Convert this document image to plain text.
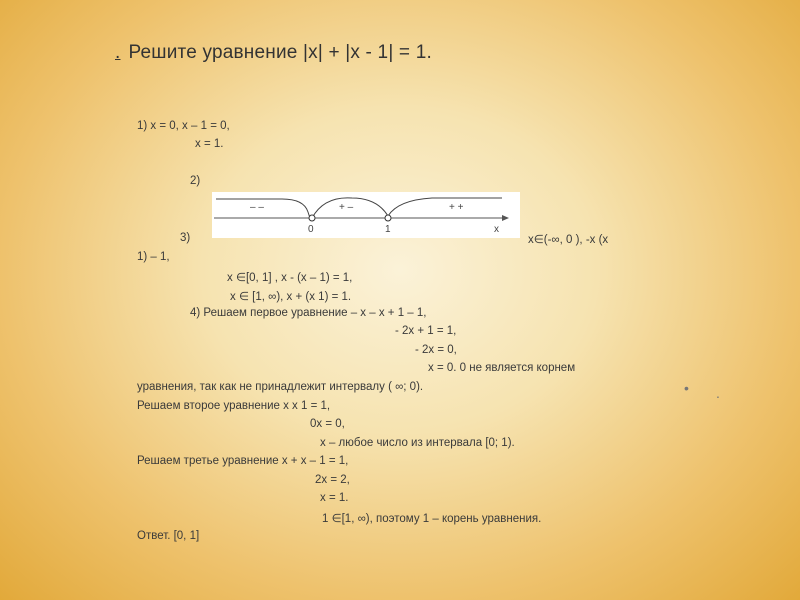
. Решите уравнение |x| + |x - 1| = 1.
1) x = 0, x – 1 = 0,
x = 1.
2)
– –	+ –	+ +
0	1	x
3)	x∈(-∞, 0 ), -x (x
1) – 1,
x ∈[0, 1] , x - (x – 1) = 1,
x ∈ [1, ∞), x + (x 1) = 1.
4) Решаем первое уравнение – x – x + 1 – 1,
- 2x + 1 = 1,
- 2x = 0,
x = 0. 0 не является корнем
уравнения, так как не принадлежит интервалу ( ∞; 0).
Решаем второе уравнение x x 1 = 1,
0x = 0,
x – любое число из интервала [0; 1).
Решаем третье уравнение x + x – 1 = 1,
2x = 2,
x = 1.
1 ∈[1, ∞), поэтому 1 – корень уравнения.
Ответ. [0, 1]
• .
